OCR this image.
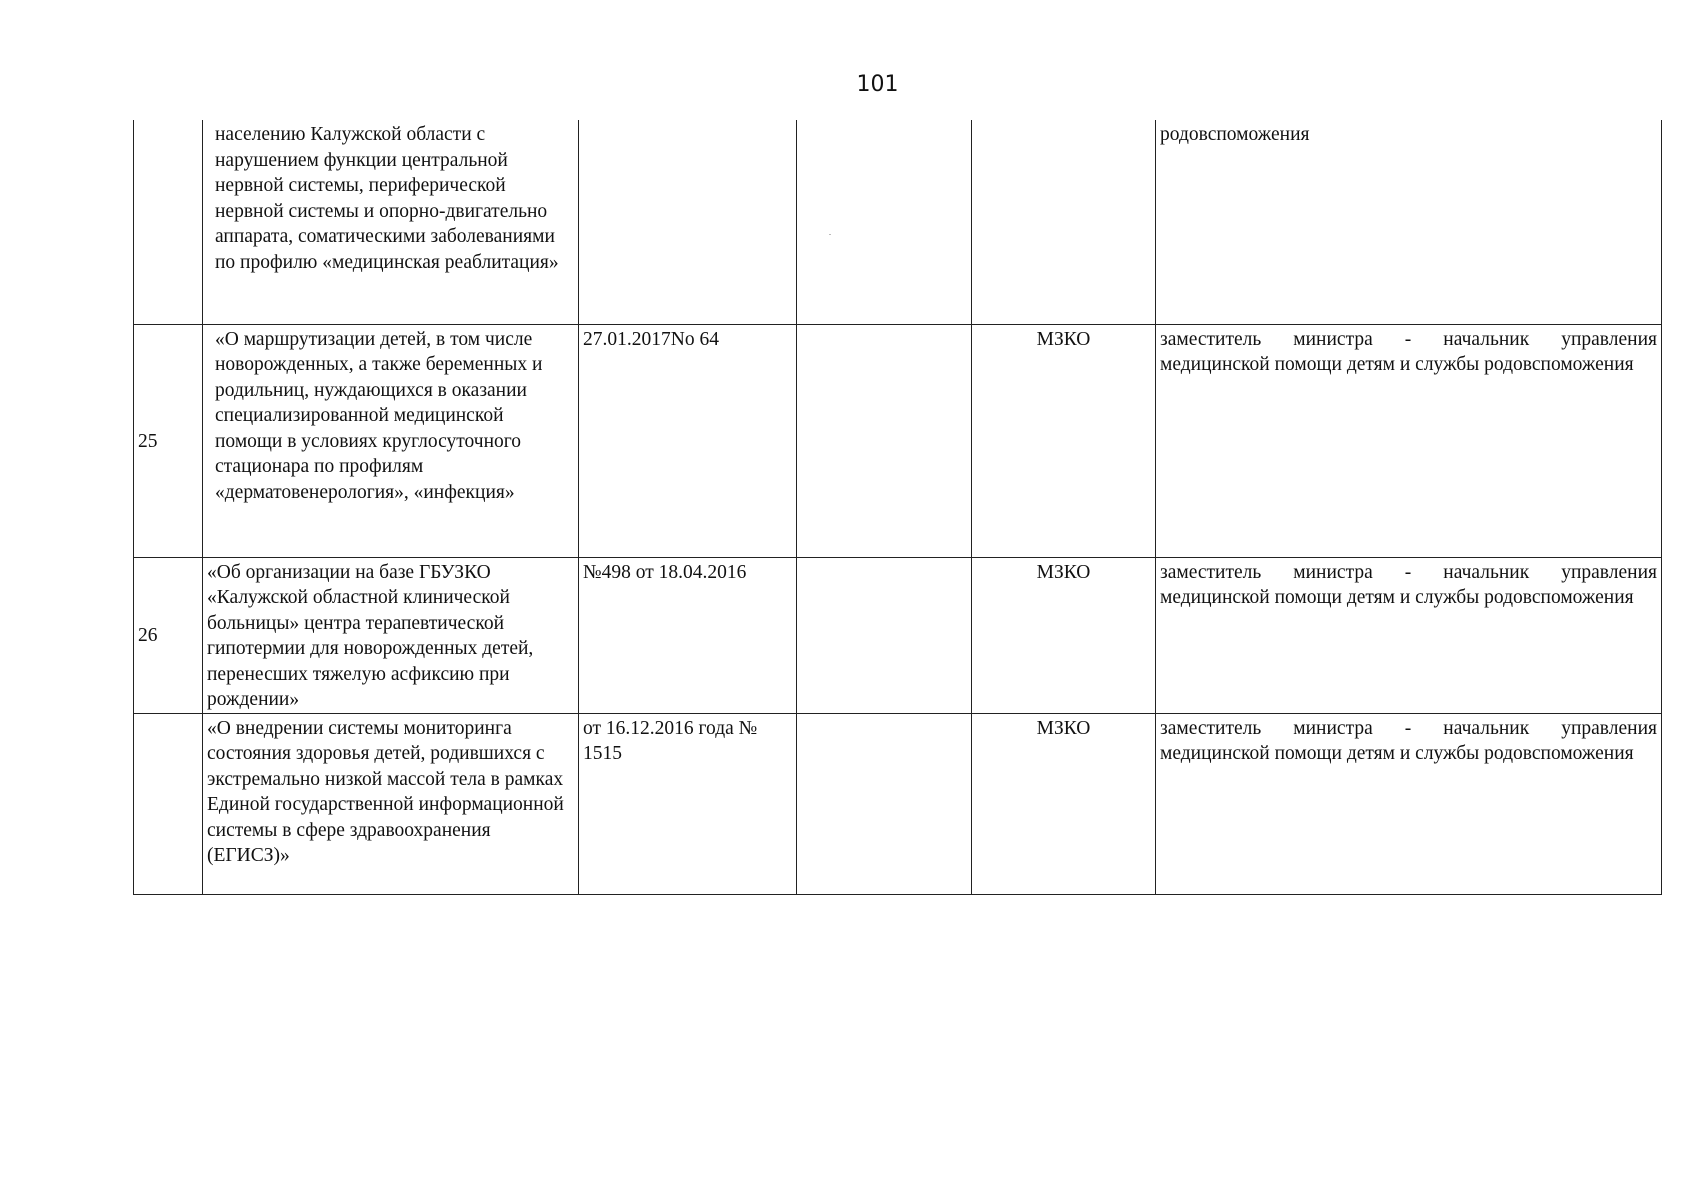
101
	населению Калужской области с нарушением функции центральной нервной системы, периферической нервной системы и опорно-двигательно аппарата, соматическими заболеваниями по профилю «медицинская реаблитация»				родовспоможения
25	«О маршрутизации детей, в том числе новорожденных, а также беременных и родильниц, нуждающихся в оказании специализированной медицинской помощи в условиях круглосуточного стационара по профилям «дерматовенерология», «инфекция»	27.01.2017No 64		МЗКО	заместитель министра - начальник управления медицинской помощи детям и службы родовспоможения
26	«Об организации на базе ГБУЗКО «Калужской областной клинической больницы» центра терапевтической гипотермии для новорожденных детей, перенесших тяжелую асфиксию при рождении»	№498 от 18.04.2016		МЗКО	заместитель министра - начальник управления медицинской помощи детям и службы родовспоможения
	«О внедрении системы мониторинга состояния здоровья детей, родившихся с экстремально низкой массой тела в рамках Единой государственной информационной системы в сфере здравоохранения (ЕГИСЗ)»	от 16.12.2016 года № 1515		МЗКО	заместитель министра - начальник управления медицинской помощи детям и службы родовспоможения
